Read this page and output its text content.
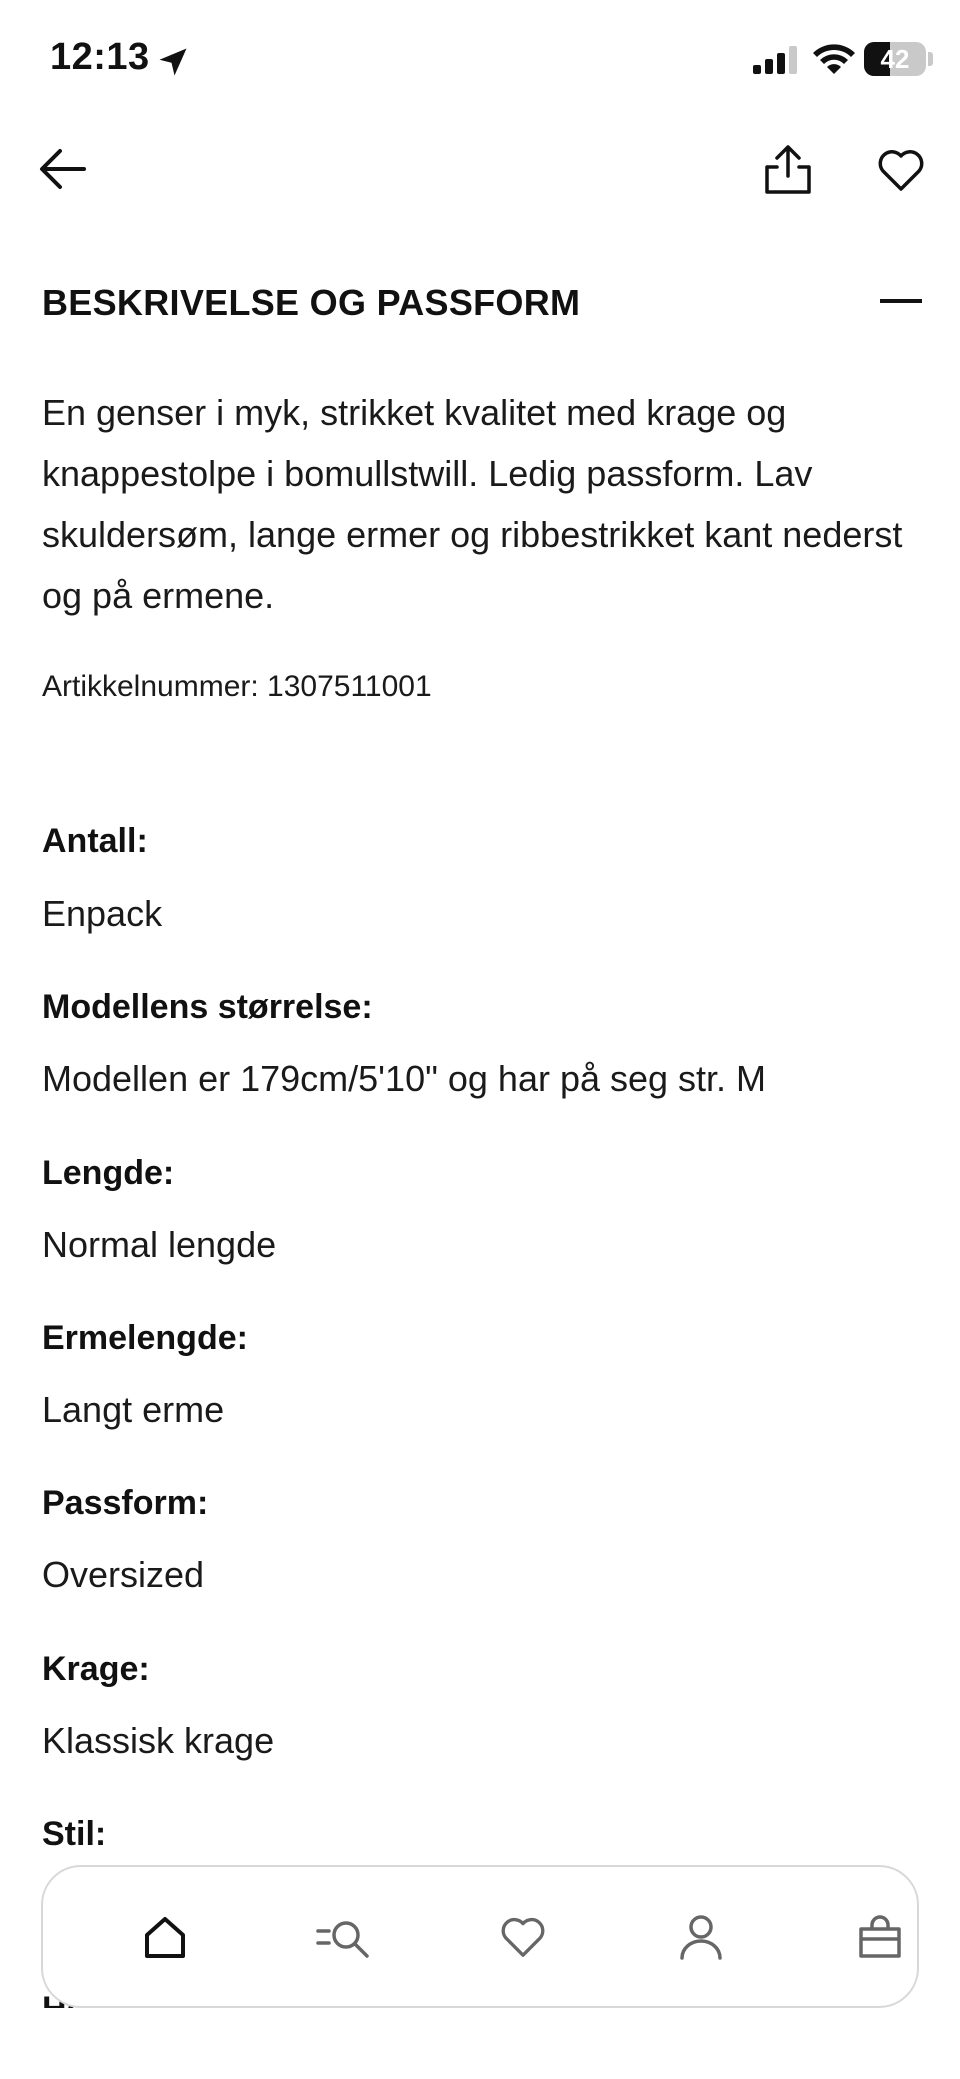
12:13	42
BESKRIVELSE OG PASSFORM
En genser i myk, strikket kvalitet med krage og knappestolpe i bomullstwill. Ledig passform. Lav skuldersøm, lange ermer og ribbestrikket kant nederst og på ermene.
Artikkelnummer: 1307511001
Antall:
Enpack
Modellens størrelse:
Modellen er 179cm/5'10" og har på seg str. M
Lengde:
Normal lengde
Ermelengde:
Langt erme
Passform:
Oversized
Krage:
Klassisk krage
Stil:
